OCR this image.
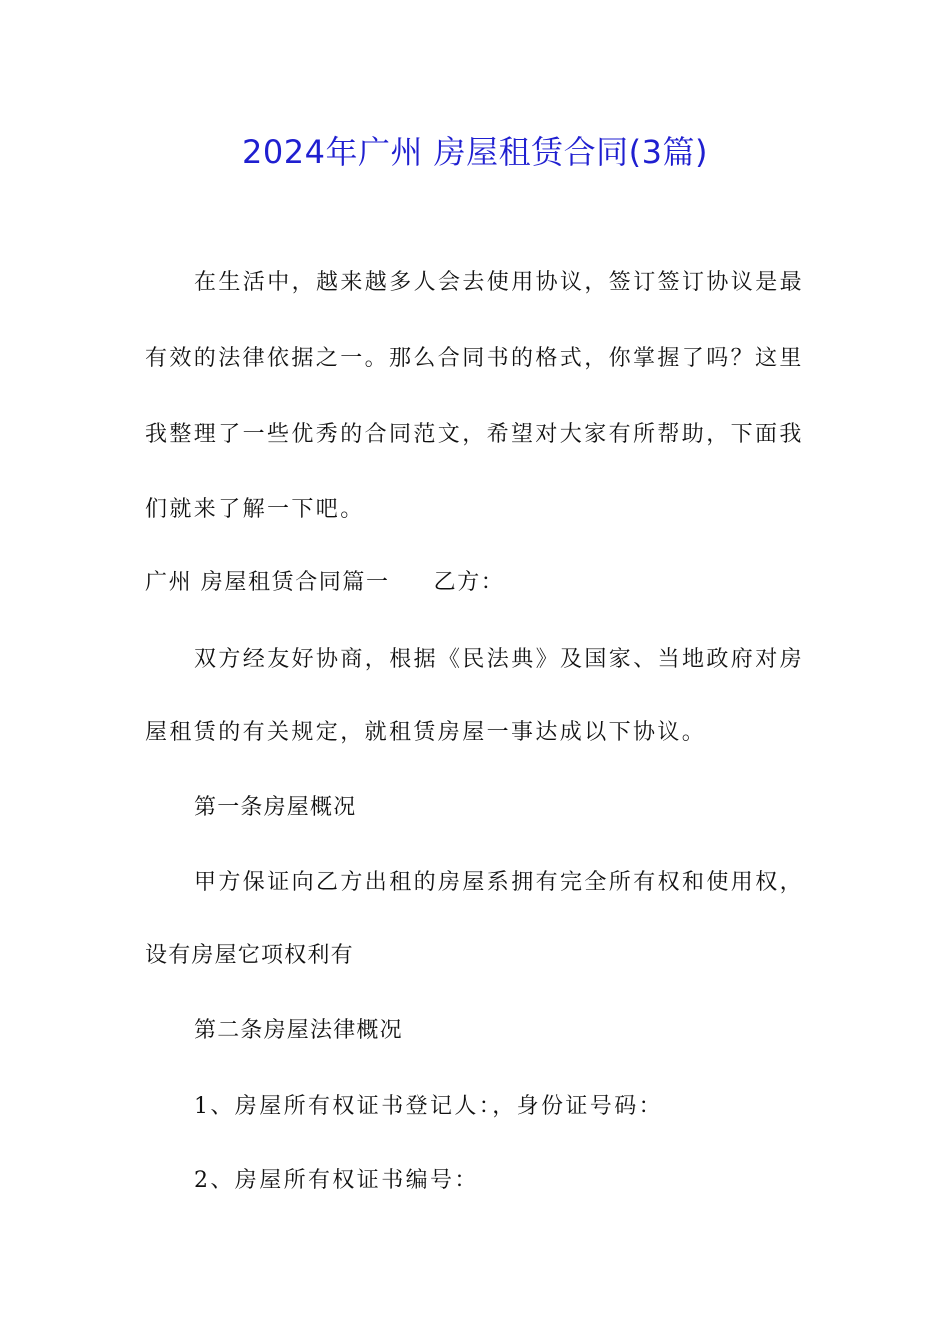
2024年广州 房屋租赁合同(3篇)
在生活中，越来越多人会去使用协议，签订签订协议是最
有效的法律依据之一。那么合同书的格式，你掌握了吗？这里
我整理了一些优秀的合同范文，希望对大家有所帮助，下面我
们就来了解一下吧。
广州 房屋租赁合同篇一 乙方：
双方经友好协商，根据《民法典》及国家、当地政府对房
屋租赁的有关规定，就租赁房屋一事达成以下协议。
第一条房屋概况
甲方保证向乙方出租的房屋系拥有完全所有权和使用权，
设有房屋它项权利有
第二条房屋法律概况
1、房屋所有权证书登记人：，身份证号码：
2、房屋所有权证书编号：
